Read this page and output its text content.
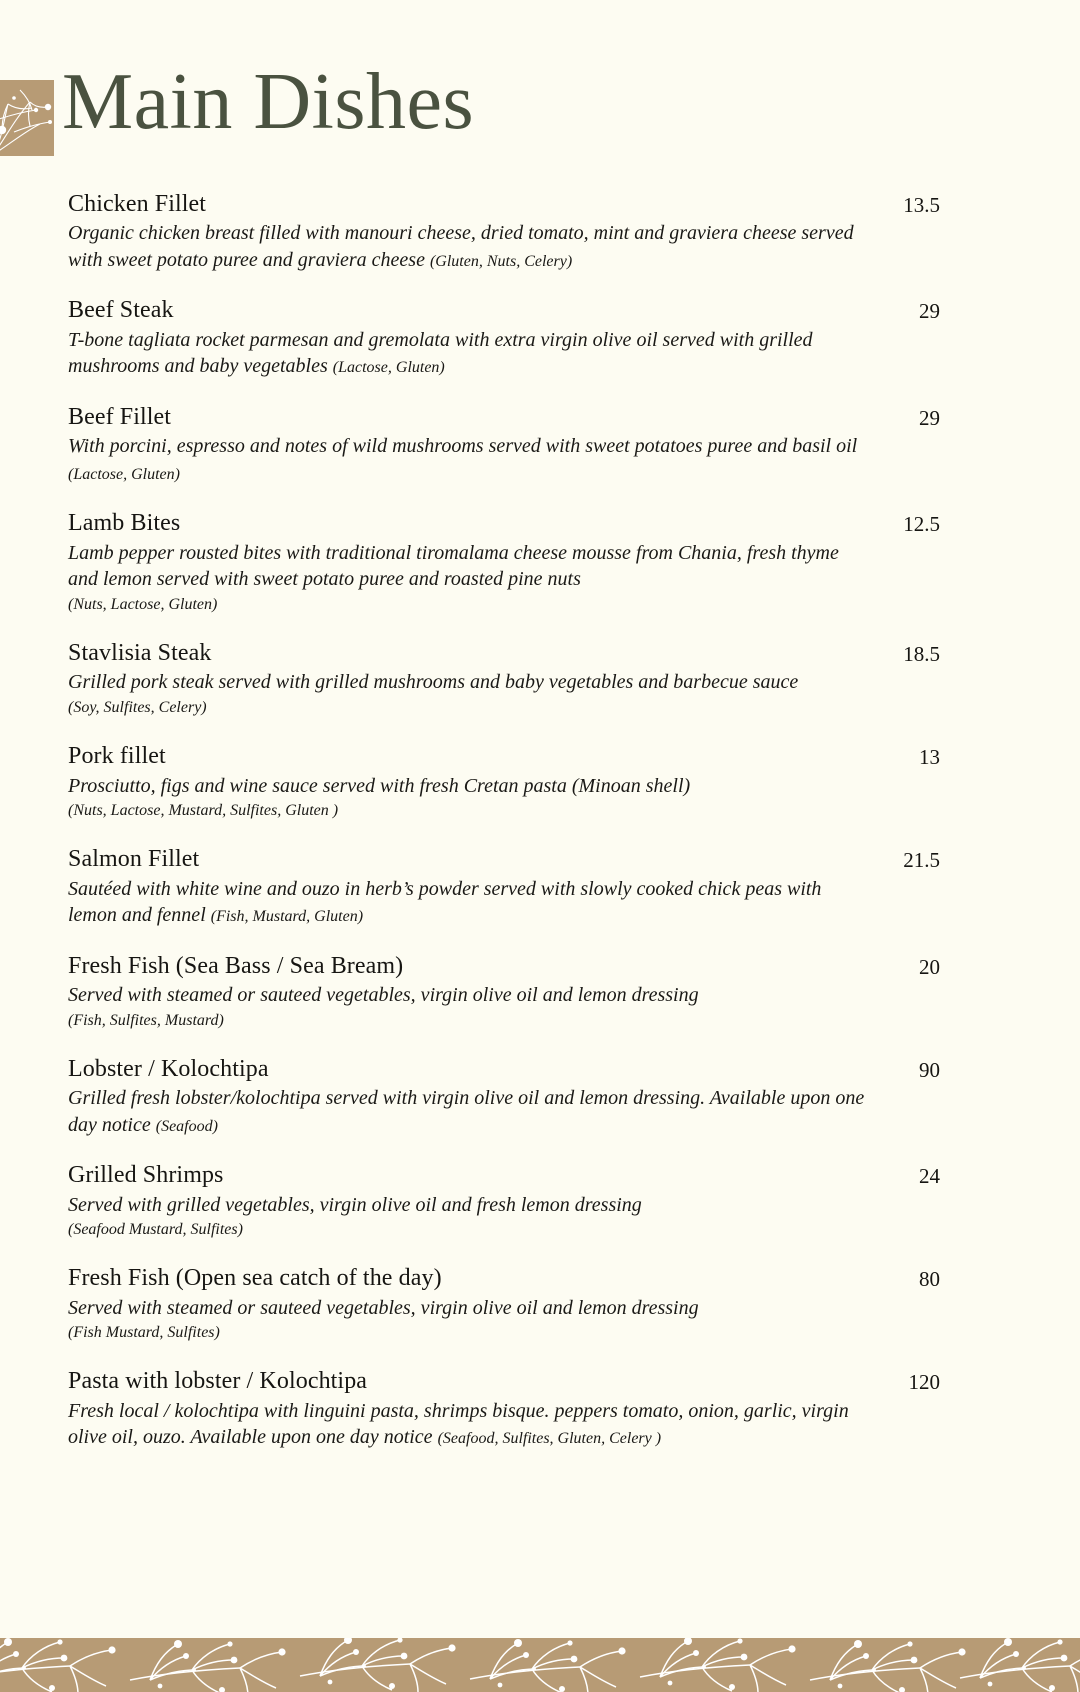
Main Dishes
Chicken Fillet	13.5
Organic chicken breast filled with manouri cheese, dried tomato, mint and graviera cheese served with sweet potato puree and graviera cheese (Gluten, Nuts, Celery)
Beef Steak	29
T-bone tagliata rocket parmesan and gremolata with extra virgin olive oil served with grilled mushrooms and baby vegetables (Lactose, Gluten)
Beef Fillet	29
With porcini, espresso and notes of wild mushrooms served with sweet potatoes puree and basil oil (Lactose, Gluten)
Lamb Bites	12.5
Lamb pepper rousted bites with traditional tiromalama cheese mousse from Chania, fresh thyme and lemon served with sweet potato puree and roasted pine nuts
(Nuts, Lactose, Gluten)
Stavlisia Steak	18.5
Grilled pork steak served with grilled mushrooms and baby vegetables and barbecue sauce
(Soy, Sulfites, Celery)
Pork fillet	13
Prosciutto, figs and wine sauce served with fresh Cretan pasta (Minoan shell)
(Nuts, Lactose, Mustard, Sulfites, Gluten )
Salmon Fillet	21.5
Sautéed with white wine and ouzo in herb’s powder served with slowly cooked chick peas with lemon and fennel (Fish, Mustard, Gluten)
Fresh Fish (Sea Bass / Sea Bream)	20
Served with steamed or sauteed vegetables, virgin olive oil and lemon dressing
(Fish, Sulfites, Mustard)
Lobster / Kolochtipa	90
Grilled fresh lobster/kolochtipa served with virgin olive oil and lemon dressing. Available upon one day notice (Seafood)
Grilled Shrimps	24
Served with grilled vegetables, virgin olive oil and fresh lemon dressing
(Seafood Mustard, Sulfites)
Fresh Fish (Open sea catch of the day)	80
Served with steamed or sauteed vegetables, virgin olive oil and lemon dressing
(Fish Mustard, Sulfites)
Pasta with lobster / Kolochtipa	120
Fresh local / kolochtipa with linguini pasta, shrimps bisque. peppers tomato, onion, garlic, virgin olive oil, ouzo. Available upon one day notice (Seafood, Sulfites, Gluten, Celery )
